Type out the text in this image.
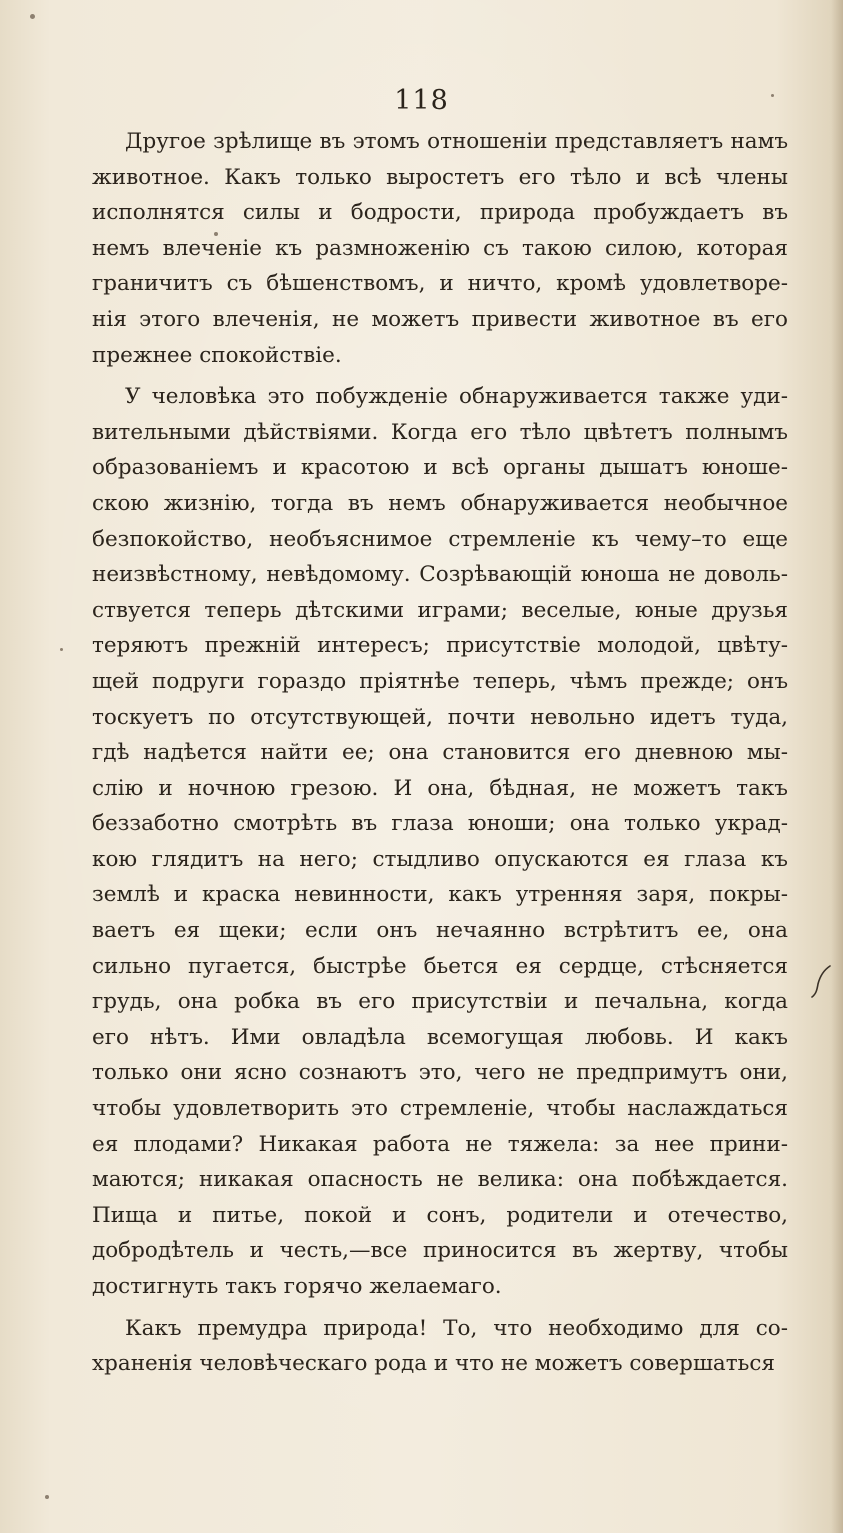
118
Другое зрѣлище въ этомъ отношеніи представляетъ намъ
животное. Какъ только выростетъ его тѣло и всѣ члены
исполнятся силы и бодрости, природа пробуждаетъ въ
немъ влеченіе къ размноженію съ такою силою, которая
граничитъ съ бѣшенствомъ, и ничто, кромѣ удовлетворе-
нія этого влеченія, не можетъ привести животное въ его
прежнее спокойствіе.
У человѣка это побужденіе обнаруживается также уди-
вительными дѣйствіями. Когда его тѣло цвѣтетъ полнымъ
образованіемъ и красотою и всѣ органы дышатъ юноше-
скою жизнію, тогда въ немъ обнаруживается необычное
безпокойство, необъяснимое стремленіе къ чему–то еще
неизвѣстному, невѣдомому. Созрѣвающій юноша не доволь-
ствуется теперь дѣтскими играми; веселые, юные друзья
теряютъ прежній интересъ; присутствіе молодой, цвѣту-
щей подруги гораздо пріятнѣе теперь, чѣмъ прежде; онъ
тоскуетъ по отсутствующей, почти невольно идетъ туда,
гдѣ надѣется найти ее; она становится его дневною мы-
слію и ночною грезою. И она, бѣдная, не можетъ такъ
беззаботно смотрѣть въ глаза юноши; она только украд-
кою глядитъ на него; стыдливо опускаются ея глаза къ
землѣ и краска невинности, какъ утренняя заря, покры-
ваетъ ея щеки; если онъ нечаянно встрѣтитъ ее, она
сильно пугается, быстрѣе бьется ея сердце, стѣсняется
грудь, она робка въ его присутствіи и печальна, когда
его нѣтъ. Ими овладѣла всемогущая любовь. И какъ
только они ясно сознаютъ это, чего не предпримутъ они,
чтобы удовлетворить это стремленіе, чтобы наслаждаться
ея плодами? Никакая работа не тяжела: за нее прини-
маются; никакая опасность не велика: она побѣждается.
Пища и питье, покой и сонъ, родители и отечество,
добродѣтель и честь,—все приносится въ жертву, чтобы
достигнуть такъ горячо желаемаго.
Какъ премудра природа! То, что необходимо для со-
храненія человѣческаго рода и что не можетъ совершаться
